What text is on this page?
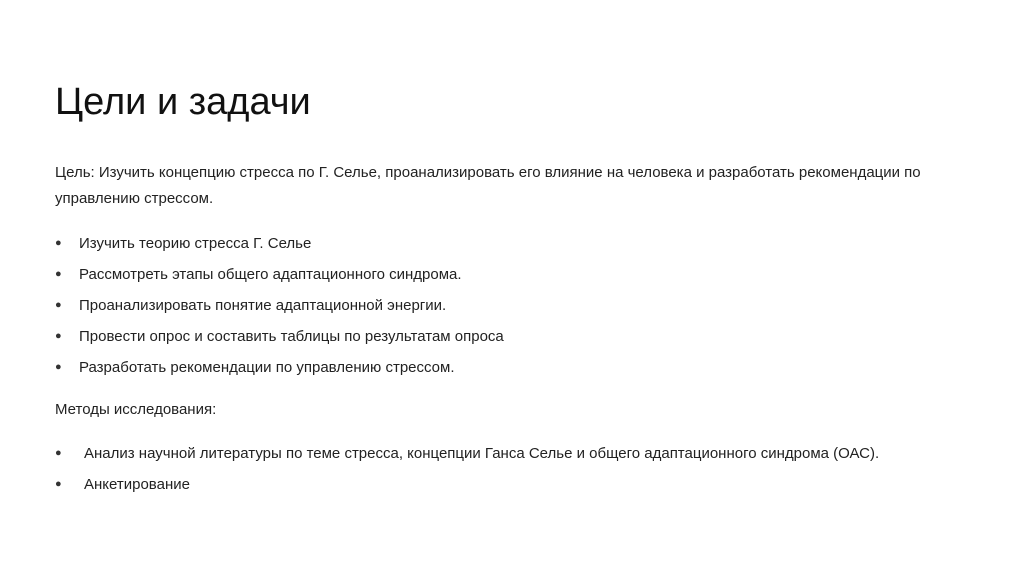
Цели и задачи
Цель: Изучить концепцию стресса по Г. Селье, проанализировать его влияние на человека и разработать рекомендации по управлению стрессом.
● Изучить теорию стресса Г. Селье
● Рассмотреть этапы общего адаптационного синдрома.
● Проанализировать понятие адаптационной энергии.
● Провести опрос и составить таблицы по результатам опроса
● Разработать рекомендации по управлению стрессом.
Методы исследования:
● Анализ научной литературы по теме стресса, концепции Ганса Селье и общего адаптационного синдрома (ОАС).
● Анкетирование
